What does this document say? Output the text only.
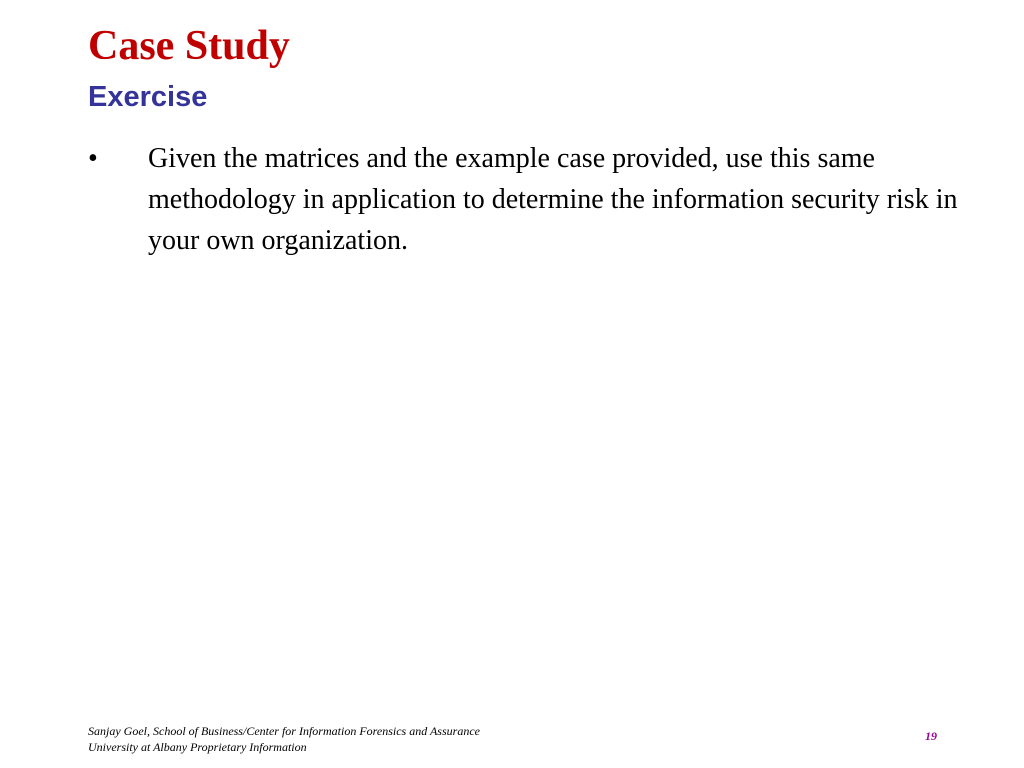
Case Study
Exercise
•	Given the matrices and the example case provided, use this same methodology in application to determine the information security risk in your own organization.
Sanjay Goel, School of Business/Center for Information Forensics and Assurance
University at Albany Proprietary Information
19
